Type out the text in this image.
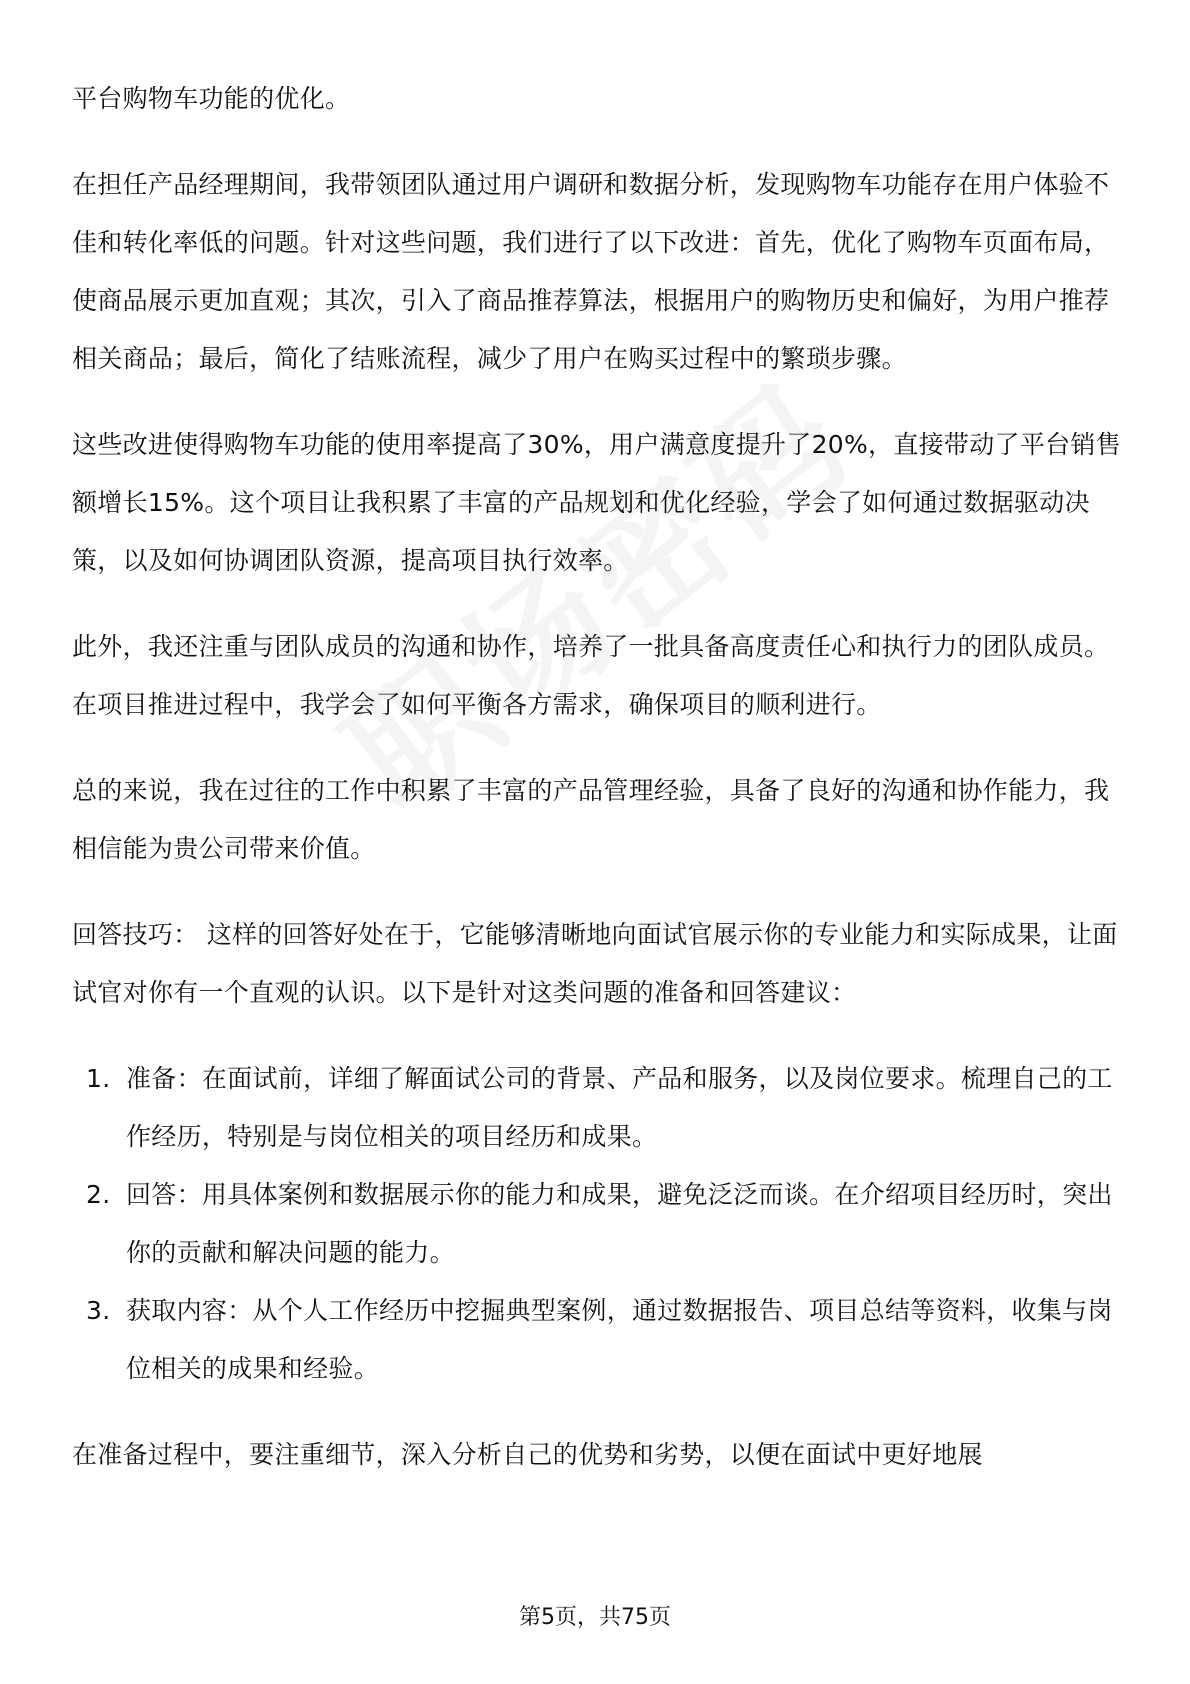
平台购物车功能的优化。

在担任产品经理期间，我带领团队通过用户调研和数据分析，发现购物车功能存在用户体验不佳和转化率低的问题。针对这些问题，我们进行了以下改进：首先，优化了购物车页面布局，使商品展示更加直观；其次，引入了商品推荐算法，根据用户的购物历史和偏好，为用户推荐相关商品；最后，简化了结账流程，减少了用户在购买过程中的繁琐步骤。

这些改进使得购物车功能的使用率提高了30%，用户满意度提升了20%，直接带动了平台销售额增长15%。这个项目让我积累了丰富的产品规划和优化经验，学会了如何通过数据驱动决策，以及如何协调团队资源，提高项目执行效率。

此外，我还注重与团队成员的沟通和协作，培养了一批具备高度责任心和执行力的团队成员。在项目推进过程中，我学会了如何平衡各方需求，确保项目的顺利进行。

总的来说，我在过往的工作中积累了丰富的产品管理经验，具备了良好的沟通和协作能力，我相信能为贵公司带来价值。

回答技巧： 这样的回答好处在于，它能够清晰地向面试官展示你的专业能力和实际成果，让面试官对你有一个直观的认识。以下是针对这类问题的准备和回答建议：

1. 准备：在面试前，详细了解面试公司的背景、产品和服务，以及岗位要求。梳理自己的工作经历，特别是与岗位相关的项目经历和成果。
2. 回答：用具体案例和数据展示你的能力和成果，避免泛泛而谈。在介绍项目经历时，突出你的贡献和解决问题的能力。
3. 获取内容：从个人工作经历中挖掘典型案例，通过数据报告、项目总结等资料，收集与岗位相关的成果和经验。

在准备过程中，要注重细节，深入分析自己的优势和劣势，以便在面试中更好地展

第5页，共75页
